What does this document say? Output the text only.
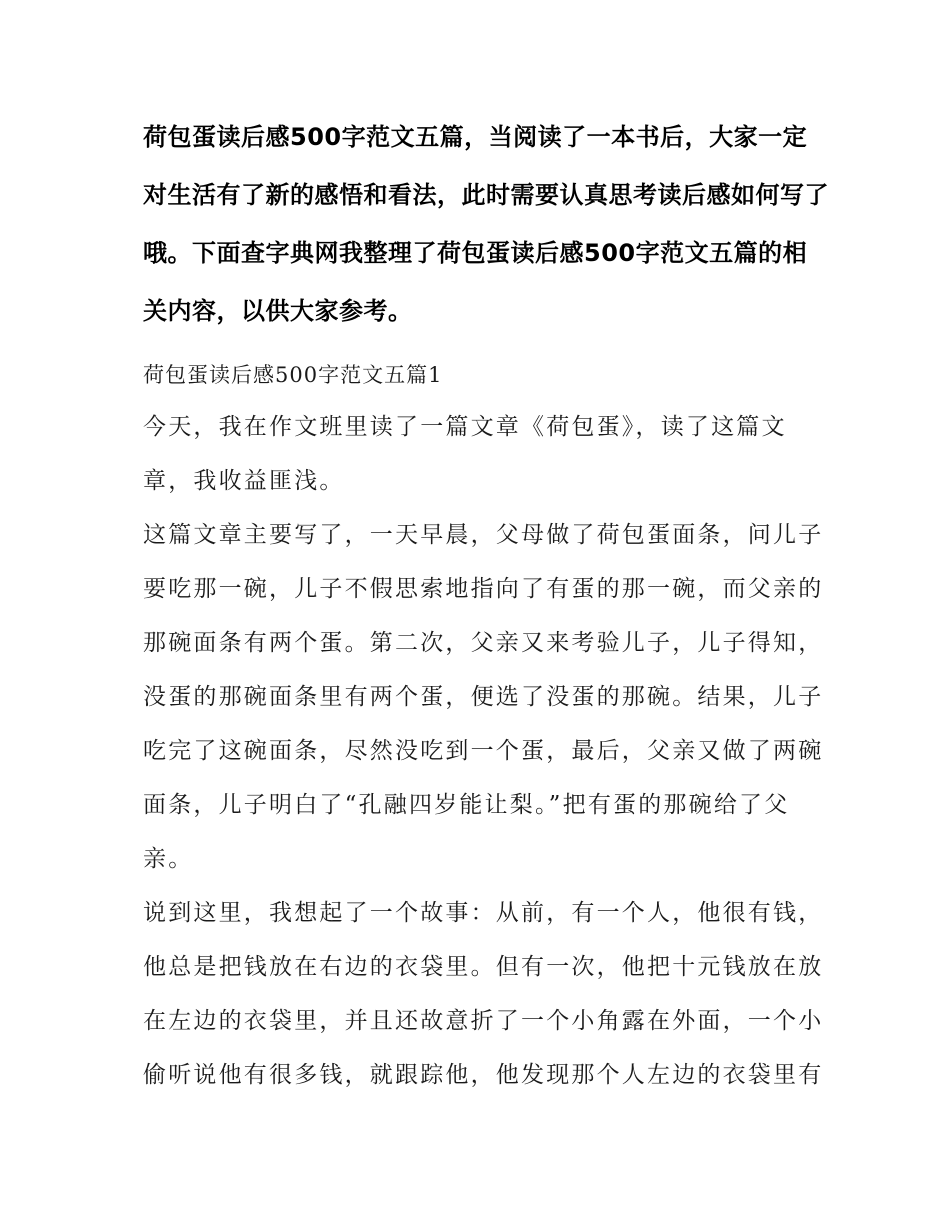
荷包蛋读后感500字范文五篇，当阅读了一本书后，大家一定对生活有了新的感悟和看法，此时需要认真思考读后感如何写了哦。下面查字典网我整理了荷包蛋读后感500字范文五篇的相关内容，以供大家参考。

荷包蛋读后感500字范文五篇1

今天，我在作文班里读了一篇文章《荷包蛋》，读了这篇文章，我收益匪浅。

这篇文章主要写了，一天早晨，父母做了荷包蛋面条，问儿子要吃那一碗，儿子不假思索地指向了有蛋的那一碗，而父亲的那碗面条有两个蛋。第二次，父亲又来考验儿子，儿子得知，没蛋的那碗面条里有两个蛋，便选了没蛋的那碗。结果，儿子吃完了这碗面条，尽然没吃到一个蛋，最后，父亲又做了两碗面条，儿子明白了“孔融四岁能让梨。”把有蛋的那碗给了父亲。

说到这里，我想起了一个故事：从前，有一个人，他很有钱，他总是把钱放在右边的衣袋里。但有一次，他把十元钱放在放在左边的衣袋里，并且还故意折了一个小角露在外面，一个小偷听说他有很多钱，就跟踪他，他发现那个人左边的衣袋里有
